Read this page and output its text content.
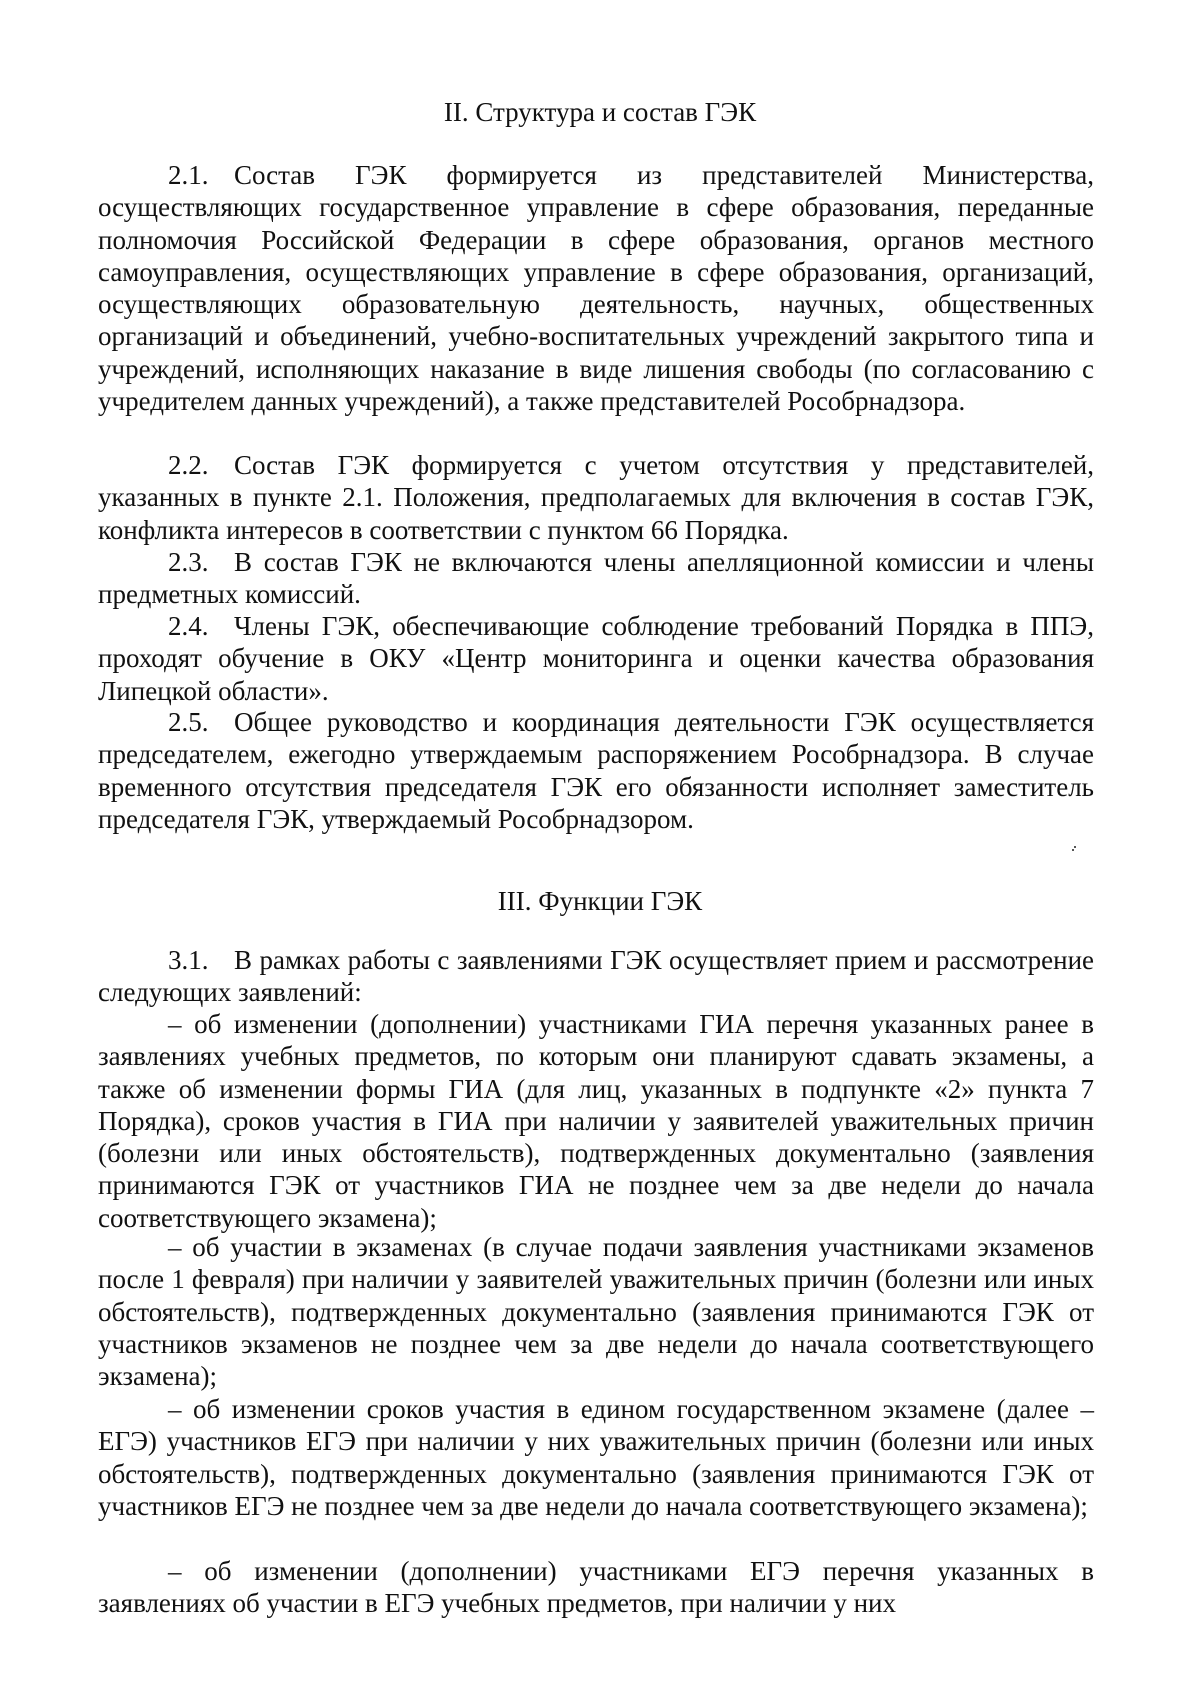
II. Структура и состав ГЭК

2.1. Состав ГЭК формируется из представителей Министерства, осуществляющих государственное управление в сфере образования, переданные полномочия Российской Федерации в сфере образования, органов местного самоуправления, осуществляющих управление в сфере образования, организаций, осуществляющих образовательную деятельность, научных, общественных организаций и объединений, учебно-воспитательных учреждений закрытого типа и учреждений, исполняющих наказание в виде лишения свободы (по согласованию с учредителем данных учреждений), а также представителей Рособрнадзора.

2.2. Состав ГЭК формируется с учетом отсутствия у представителей, указанных в пункте 2.1. Положения, предполагаемых для включения в состав ГЭК, конфликта интересов в соответствии с пунктом 66 Порядка.

2.3. В состав ГЭК не включаются члены апелляционной комиссии и члены предметных комиссий.

2.4. Члены ГЭК, обеспечивающие соблюдение требований Порядка в ППЭ, проходят обучение в ОКУ «Центр мониторинга и оценки качества образования Липецкой области».

2.5. Общее руководство и координация деятельности ГЭК осуществляется председателем, ежегодно утверждаемым распоряжением Рособрнадзора. В случае временного отсутствия председателя ГЭК его обязанности исполняет заместитель председателя ГЭК, утверждаемый Рособрнадзором.

III. Функции ГЭК

3.1. В рамках работы с заявлениями ГЭК осуществляет прием и рассмотрение следующих заявлений:

– об изменении (дополнении) участниками ГИА перечня указанных ранее в заявлениях учебных предметов, по которым они планируют сдавать экзамены, а также об изменении формы ГИА (для лиц, указанных в подпункте «2» пункта 7 Порядка), сроков участия в ГИА при наличии у заявителей уважительных причин (болезни или иных обстоятельств), подтвержденных документально (заявления принимаются ГЭК от участников ГИА не позднее чем за две недели до начала соответствующего экзамена);

– об участии в экзаменах (в случае подачи заявления участниками экзаменов после 1 февраля) при наличии у заявителей уважительных причин (болезни или иных обстоятельств), подтвержденных документально (заявления принимаются ГЭК от участников экзаменов не позднее чем за две недели до начала соответствующего экзамена);

– об изменении сроков участия в едином государственном экзамене (далее – ЕГЭ) участников ЕГЭ при наличии у них уважительных причин (болезни или иных обстоятельств), подтвержденных документально (заявления принимаются ГЭК от участников ЕГЭ не позднее чем за две недели до начала соответствующего экзамена);

– об изменении (дополнении) участниками ЕГЭ перечня указанных в заявлениях об участии в ЕГЭ учебных предметов, при наличии у них
